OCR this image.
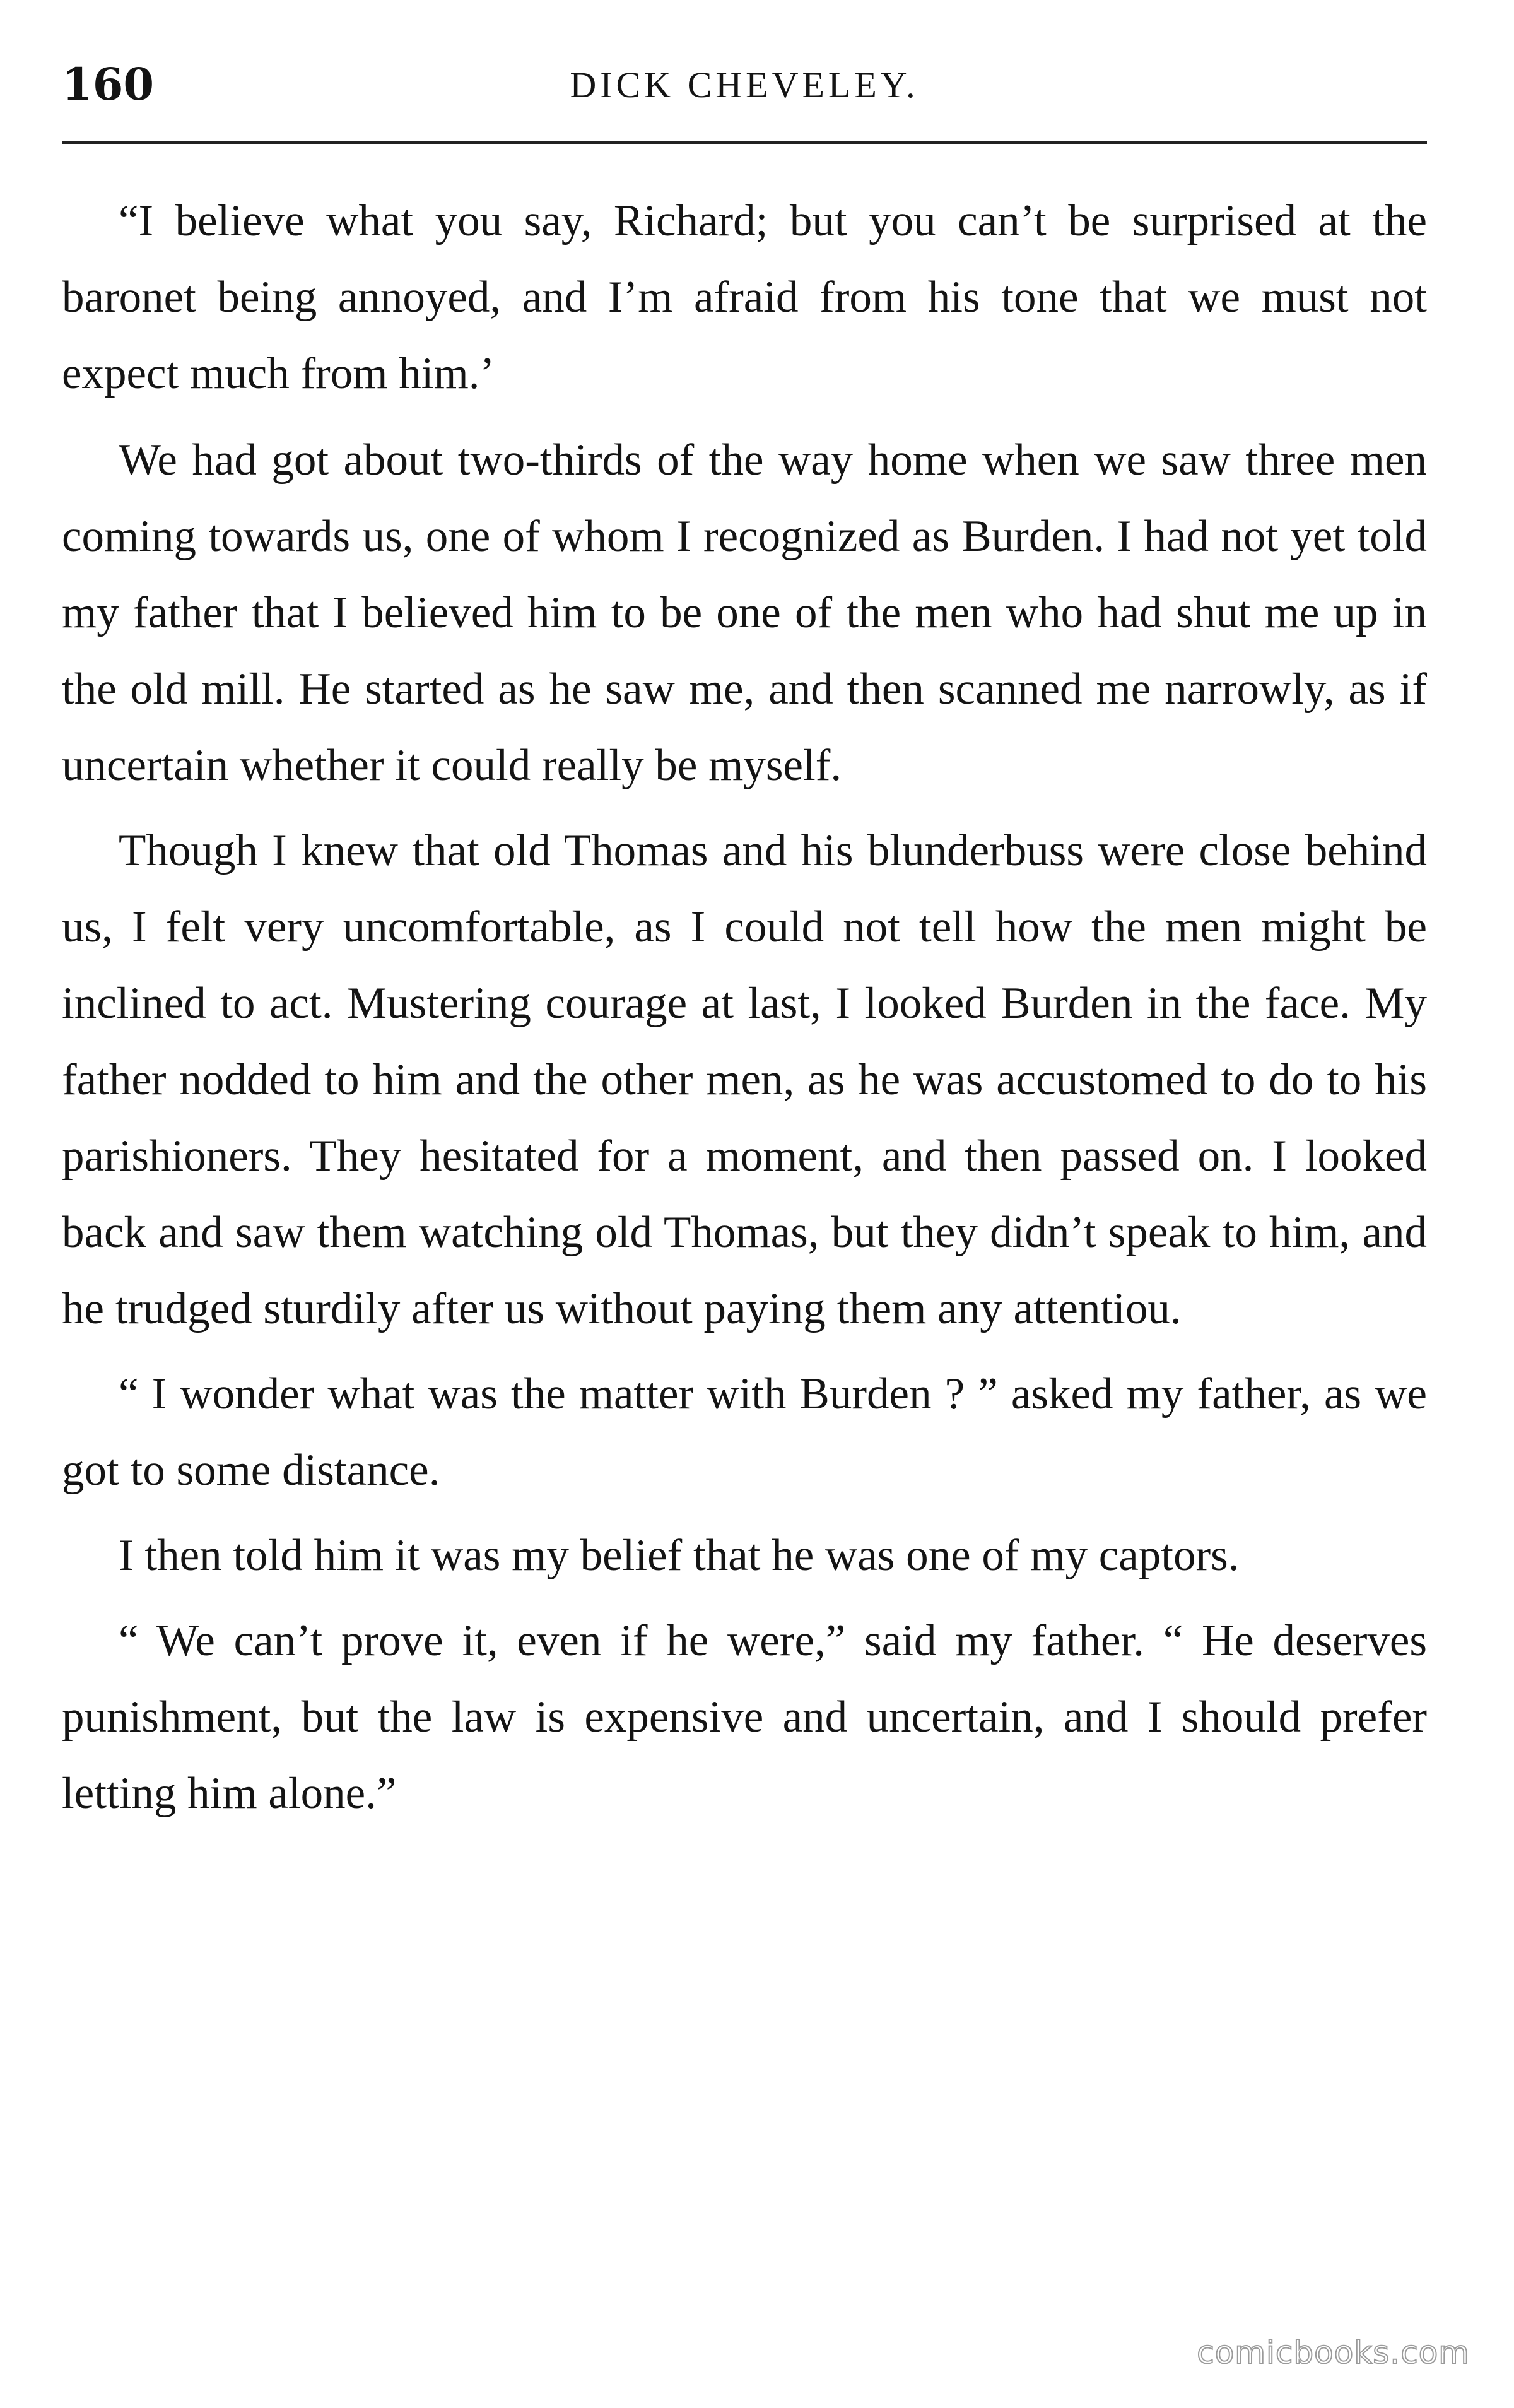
160	DICK CHEVELEY.

“I believe what you say, Richard; but you can’t be surprised at the baronet being annoyed, and I’m afraid from his tone that we must not expect much from him.’

We had got about two-thirds of the way home when we saw three men coming towards us, one of whom I recognized as Burden. I had not yet told my father that I believed him to be one of the men who had shut me up in the old mill. He started as he saw me, and then scanned me narrowly, as if uncertain whether it could really be myself.

Though I knew that old Thomas and his blunderbuss were close behind us, I felt very uncomfortable, as I could not tell how the men might be inclined to act. Mustering courage at last, I looked Burden in the face. My father nodded to him and the other men, as he was accustomed to do to his parishioners. They hesitated for a moment, and then passed on. I looked back and saw them watching old Thomas, but they didn’t speak to him, and he trudged sturdily after us without paying them any attentiou.

“ I wonder what was the matter with Burden ? ” asked my father, as we got to some distance.

I then told him it was my belief that he was one of my captors.

“ We can’t prove it, even if he were,” said my father. “ He deserves punishment, but the law is expensive and uncertain, and I should prefer letting him alone.”

comicbooks.com
